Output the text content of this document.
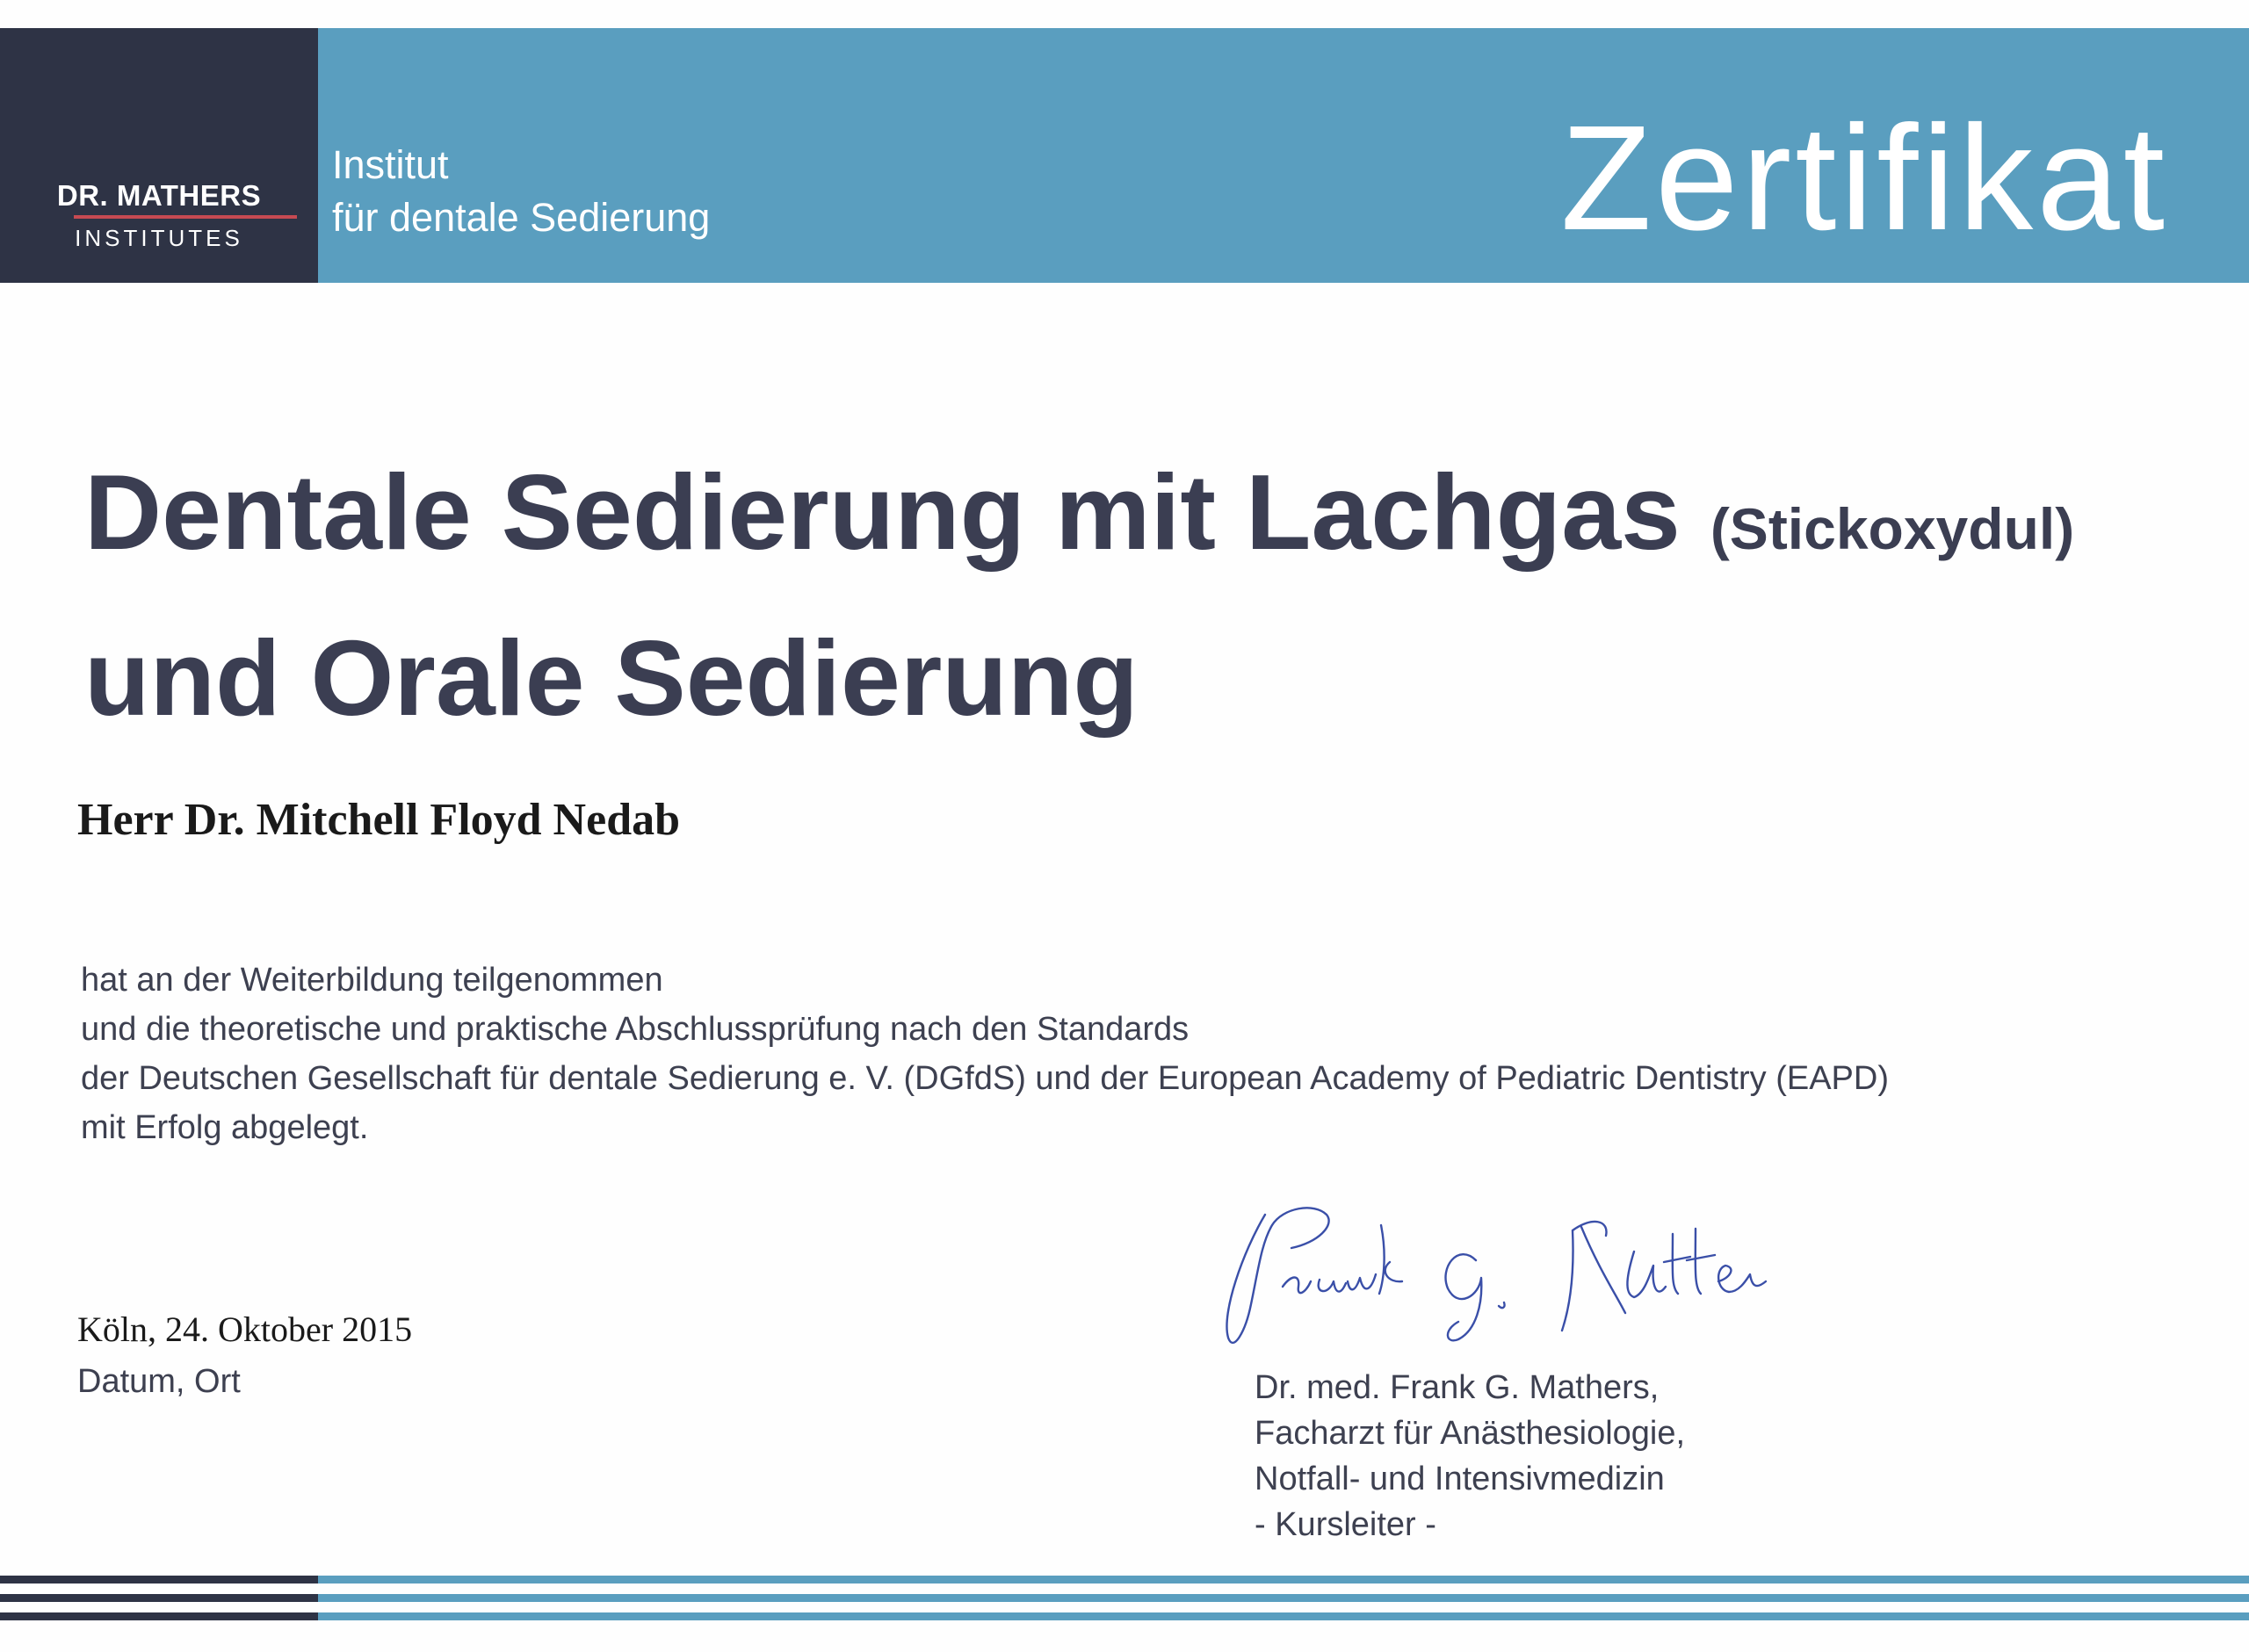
DR. MATHERS
INSTITUTES
Institut
für dentale Sedierung	Zertifikat
Dentale Sedierung mit Lachgas (Stickoxydul)
und Orale Sedierung
Herr Dr. Mitchell Floyd Nedab
hat an der Weiterbildung teilgenommen
und die theoretische und praktische Abschlussprüfung nach den Standards
der Deutschen Gesellschaft für dentale Sedierung e. V. (DGfdS) und der European Academy of Pediatric Dentistry (EAPD)
mit Erfolg abgelegt.
Köln, 24. Oktober 2015
Datum, Ort	Dr. med. Frank G. Mathers,
Facharzt für Anästhesiologie,
Notfall- und Intensivmedizin
- Kursleiter -
